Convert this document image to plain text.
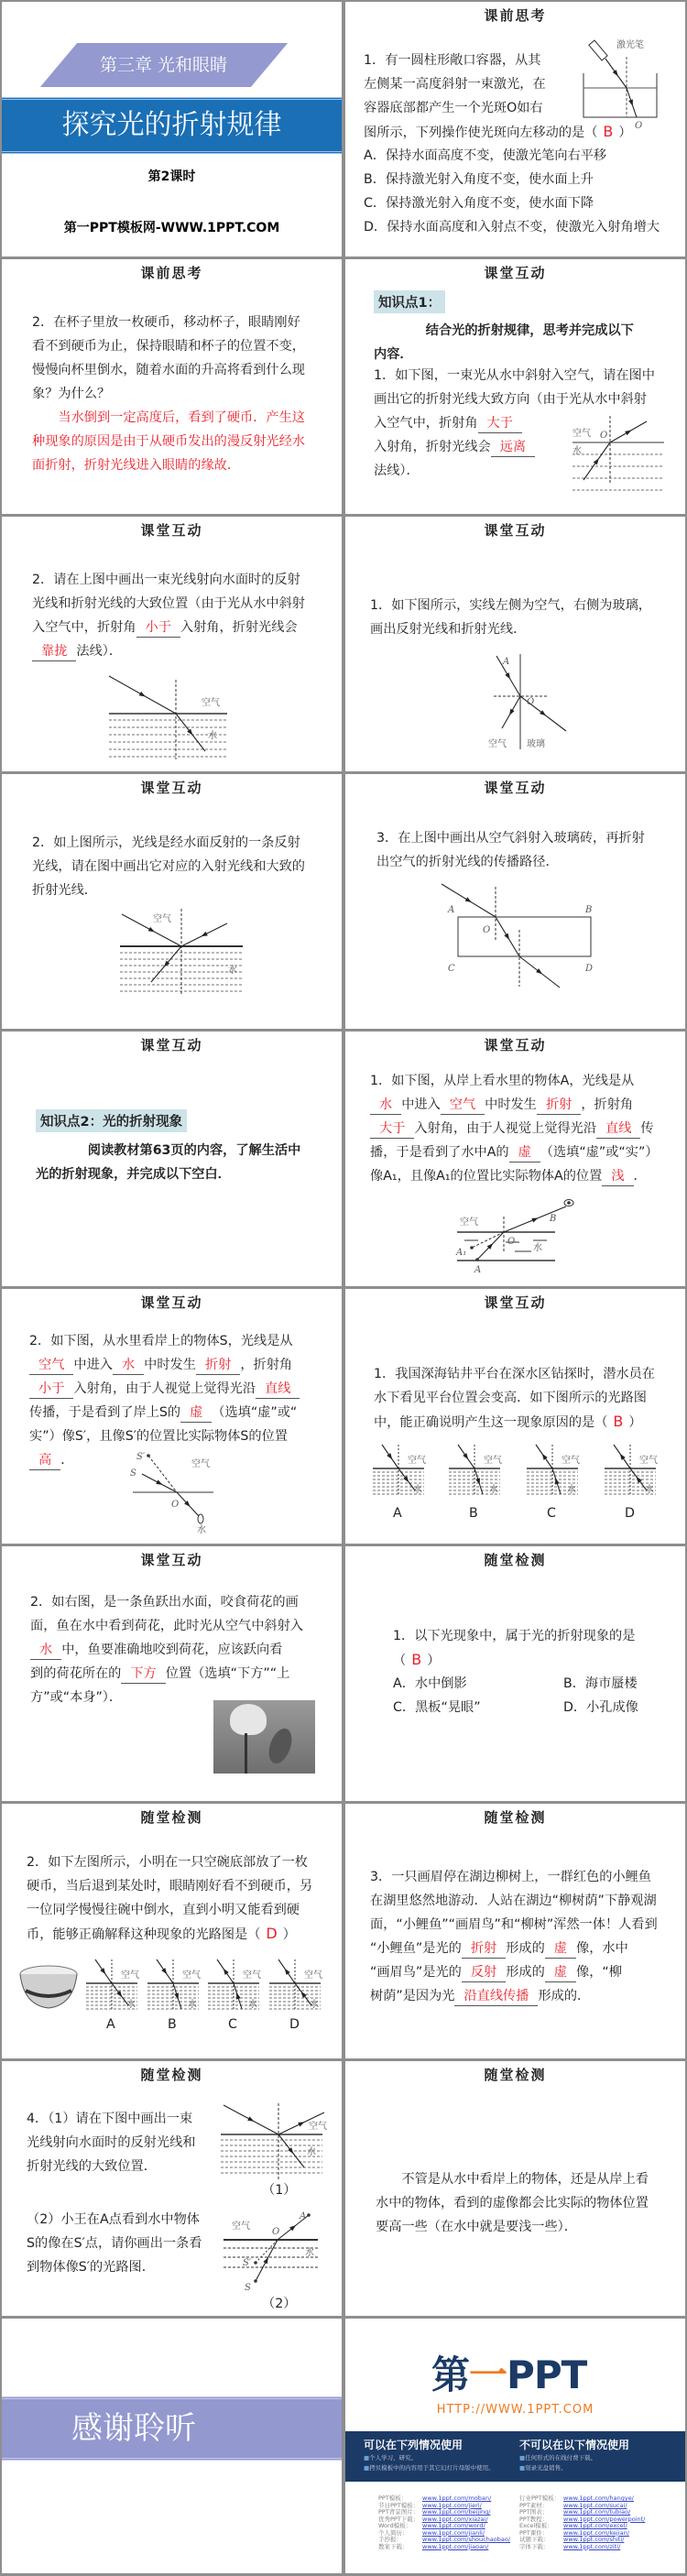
第三章 光和眼睛
探究光的折射规律
第2课时
第一PPT模板网-WWW.1PPT.COM
课前思考
1．有一圆柱形敞口容器，从其
左侧某一高度斜射一束激光，在
容器底部都产生一个光斑O如右
图所示，下列操作使光斑向左移动的是（ B ）
A．保持水面高度不变，使激光笔向右平移
B．保持激光射入角度不变，使水面上升
C．保持激光射入角度不变，使水面下降
D．保持水面高度和入射点不变，使激光入射角增大
激光笔
O
课前思考
2．在杯子里放一枚硬币，移动杯子，眼睛刚好
看不到硬币为止，保持眼睛和杯子的位置不变，
慢慢向杯里倒水，随着水面的升高将看到什么现
象？为什么？
　　当水倒到一定高度后，看到了硬币．产生这
种现象的原因是由于从硬币发出的漫反射光经水
面折射，折射光线进入眼睛的缘故．
课堂互动
知识点1：
　　　　结合光的折射规律，思考并完成以下
内容．
1．如下图，一束光从水中斜射入空气，请在图中
画出它的折射光线大致方向（由于光从水中斜射
入空气中，折射角 大于
入射角，折射光线会 远离
法线）．
空气 O
水
课堂互动
2．请在上图中画出一束光线射向水面时的反射
光线和折射光线的大致位置（由于光从水中斜射
入空气中，折射角 小于 入射角，折射光线会
靠拢 法线）．
空气
水
课堂互动
1．如下图所示，实线左侧为空气，右侧为玻璃，
画出反射光线和折射光线．
A
O
空气 玻璃
课堂互动
2．如上图所示，光线是经水面反射的一条反射
光线，请在图中画出它对应的入射光线和大致的
折射光线．
空气
水
课堂互动
3．在上图中画出从空气斜射入玻璃砖，再折射
出空气的折射光线的传播路径．
A	B
C	D
O
课堂互动
知识点2：光的折射现象
　　　　阅读教材第63页的内容，了解生活中
光的折射现象，并完成以下空白．
课堂互动
1．如下图，从岸上看水里的物体A，光线是从
水 中进入 空气 中时发生 折射 ，折射角
大于 入射角，由于人视觉上觉得光沿 直线 传
播，于是看到了水中A的 虚 （选填“虚”或“实”）
像A₁，且像A₁的位置比实际物体A的位置 浅 ．
空气	B
O
水
A₁
A
课堂互动
2．如下图，从水里看岸上的物体S，光线是从
空气 中进入 水 中时发生 折射 ，折射角
小于 入射角，由于人视觉上觉得光沿 直线
传播，于是看到了岸上S的 虚 （选填“虚”或“
实”）像S′，且像S′的位置比实际物体S的位置
高 ．	S′
S
空气
O
水
课堂互动
1．我国深海钻井平台在深水区钻探时，潜水员在
水下看见平台位置会变高．如下图所示的光路图
中，能正确说明产生这一现象原因的是（ B ）
空气
水
A
空气
水
B
空气
水
C
空气
水
D
课堂互动
2．如右图，是一条鱼跃出水面，咬食荷花的画
面，鱼在水中看到荷花，此时光从空气中斜射入
水 中，鱼要准确地咬到荷花，应该跃向看
到的荷花所在的 下方 位置（选填“下方”“上
方”或“本身”）．
随堂检测
1．以下光现象中，属于光的折射现象的是
（ B ）
A．水中倒影	B．海市蜃楼
C．黑板“晃眼”	D．小孔成像
随堂检测
2．如下左图所示，小明在一只空碗底部放了一枚
硬币，当后退到某处时，眼睛刚好看不到硬币，另
一位同学慢慢往碗中倒水，直到小明又能看到硬
币，能够正确解释这种现象的光路图是（ D ）
空气
水
A
空气
水
B
空气
水
C
空气
水
D
随堂检测
3．一只画眉停在湖边柳树上，一群红色的小鲤鱼
在湖里悠然地游动．人站在湖边“柳树荫”下静观湖
面，“小鲤鱼”“画眉鸟”和“柳树”浑然一体！人看到
“小鲤鱼”是光的 折射 形成的 虚 像，水中
“画眉鸟”是光的 反射 形成的 虚 像，“柳
树荫”是因为光 沿直线传播 形成的．
随堂检测
4．（1）请在下图中画出一束
光线射向水面时的反射光线和
折射光线的大致位置．
（2）小王在A点看到水中物体
S的像在S′点，请你画出一条看
到物体像S′的光路图．
空气
水
（1）
空气
O
水
S′
S
A
（2）
随堂检测
　　不管是从水中看岸上的物体，还是从岸上看
水中的物体，看到的虚像都会比实际的物体位置
要高一些（在水中就是要浅一些）．
感谢聆听
第一PPT
HTTP://WWW.1PPT.COM
可以在下列情况使用
■个人学习、研究。
■拷贝模板中的内容用于其它幻灯片母版中使用。
不可以在以下情况使用
■任何形式的在线付费下载。
■刻录光盘销售。
PPT模板：	www.1ppt.com/moban/
节日PPT模板： www.1ppt.com/jieri/
PPT背景图片： www.1ppt.com/beijing/
优秀PPT下载： www.1ppt.com/xiazai/
Word模板： www.1ppt.com/word/
个人简历： www.1ppt.com/jianli/
手抄报：	www.1ppt.com/shouchaobao/
教案下载： www.1ppt.com/jiaoan/
行业PPT模板： www.1ppt.com/hangye/
PPT素材：	www.1ppt.com/sucai/
PPT图表：	www.1ppt.com/tubiao/
PPT教程：	www.1ppt.com/powerpoint/
Excel模板： www.1ppt.com/excel/
PPT课件：	www.1ppt.com/kejian/
试题下载： www.1ppt.com/shiti/
字体下载： www.1ppt.com/ziti/
